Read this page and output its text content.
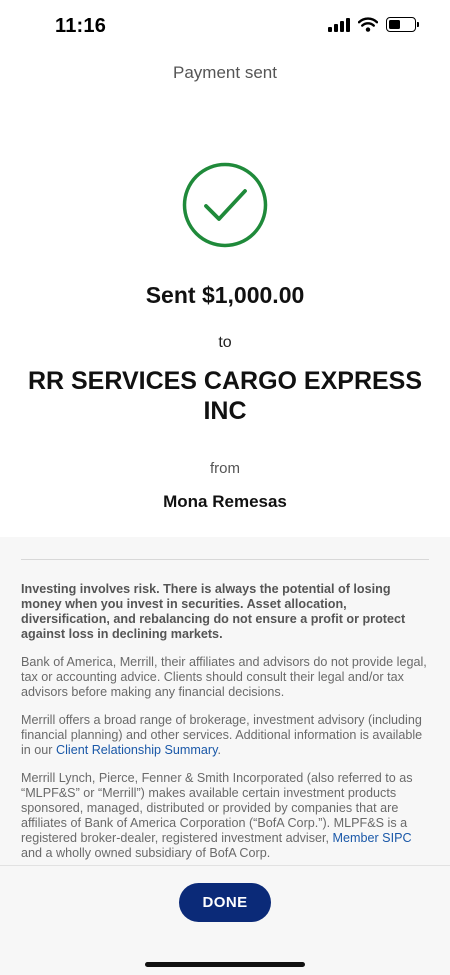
11:16
Payment sent
Sent $1,000.00
to
RR SERVICES CARGO EXPRESS INC
from
Mona Remesas

Investing involves risk. There is always the potential of losing money when you invest in securities. Asset allocation, diversification, and rebalancing do not ensure a profit or protect against loss in declining markets.

Bank of America, Merrill, their affiliates and advisors do not provide legal, tax or accounting advice. Clients should consult their legal and/or tax advisors before making any financial decisions.

Merrill offers a broad range of brokerage, investment advisory (including financial planning) and other services. Additional information is available in our Client Relationship Summary.

Merrill Lynch, Pierce, Fenner & Smith Incorporated (also referred to as “MLPF&S” or “Merrill”) makes available certain investment products sponsored, managed, distributed or provided by companies that are affiliates of Bank of America Corporation (“BofA Corp.”). MLPF&S is a registered broker-dealer, registered investment adviser, Member SIPC and a wholly owned subsidiary of BofA Corp.

DONE
